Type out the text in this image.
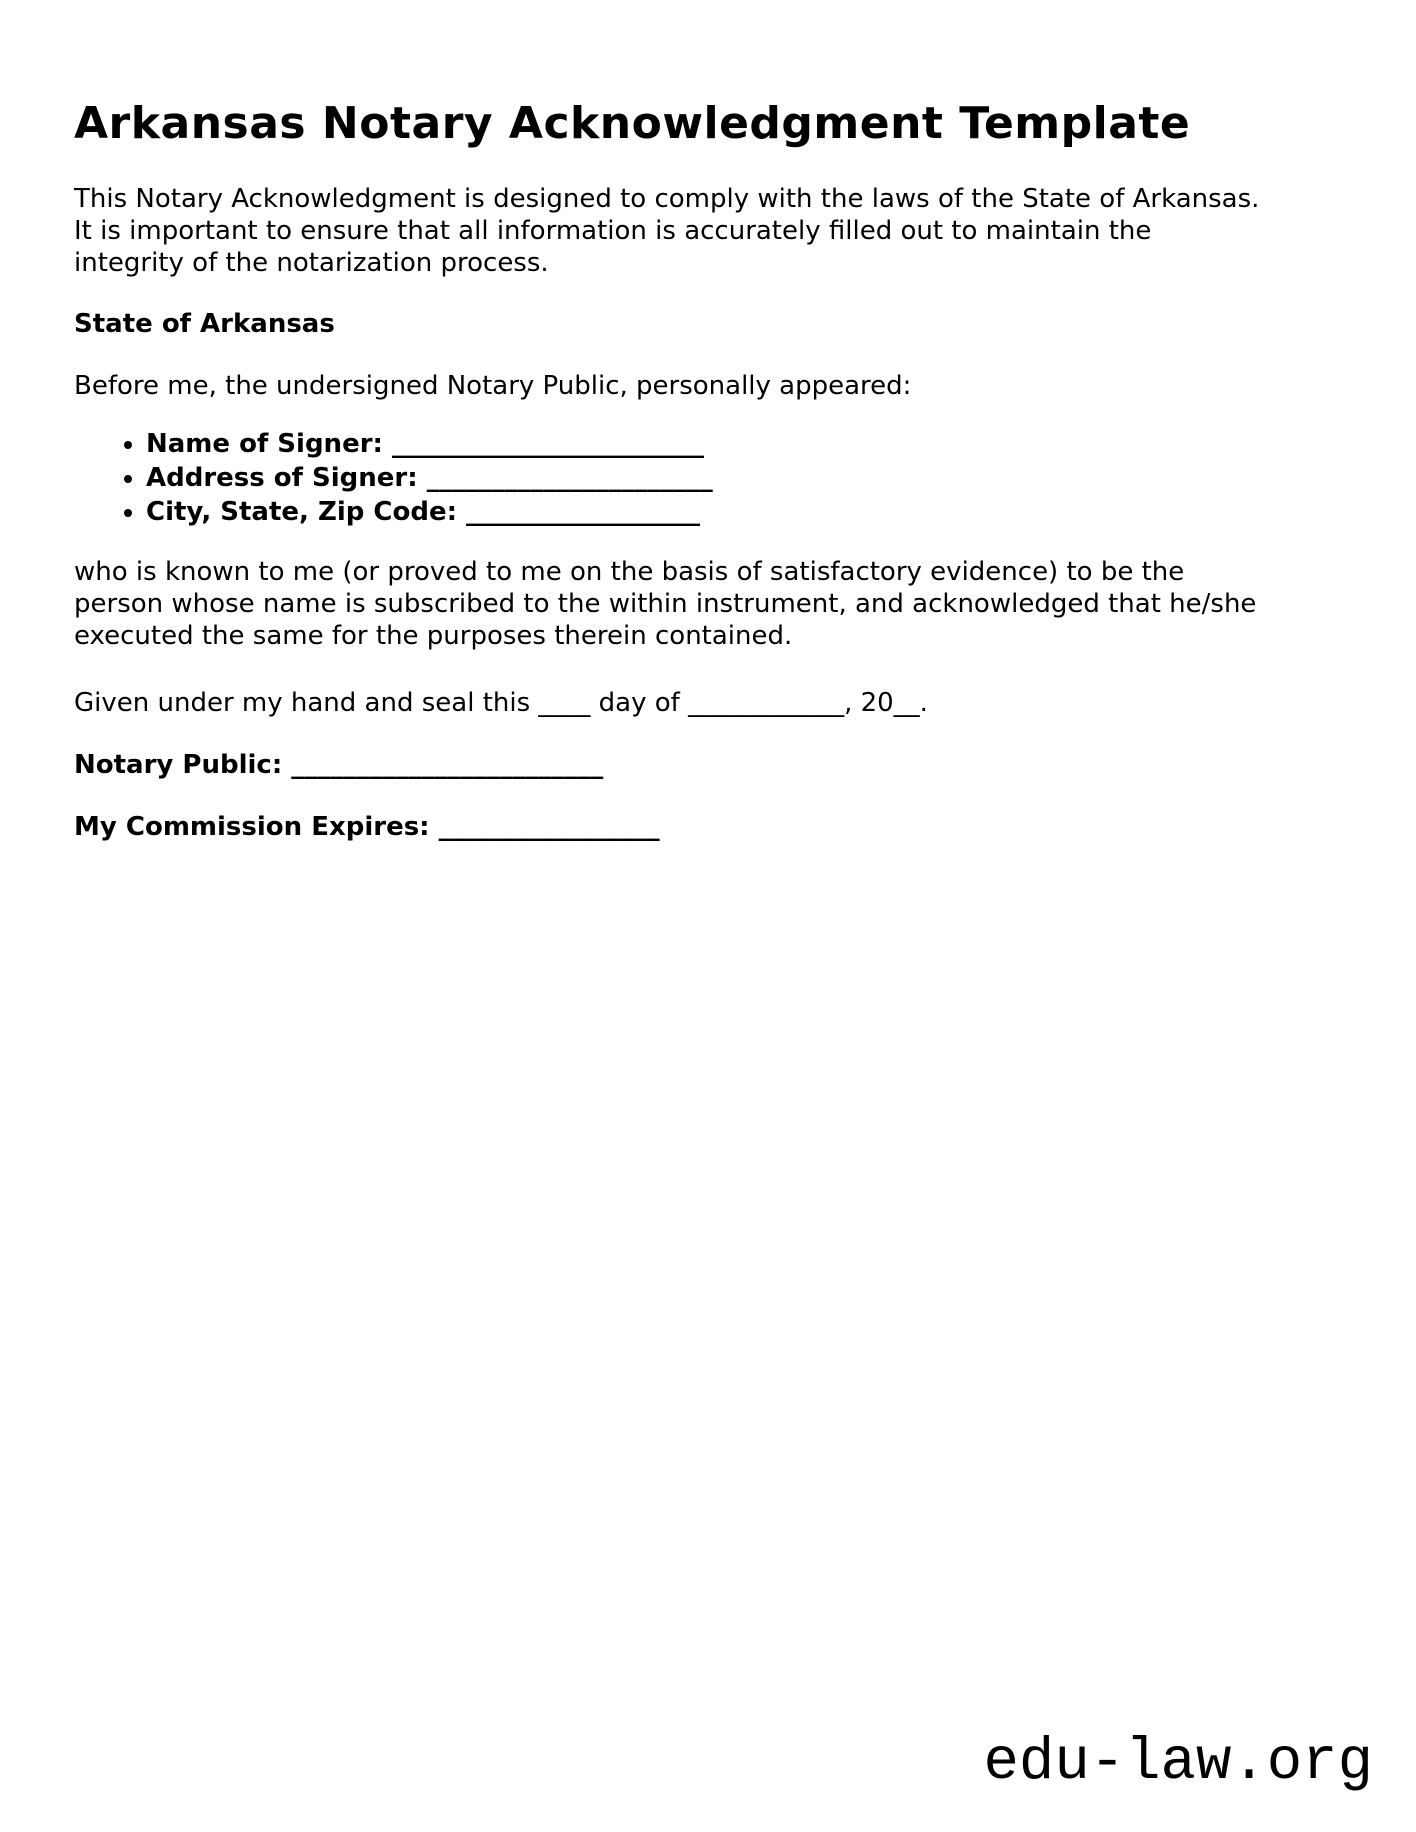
Arkansas Notary Acknowledgment Template
This Notary Acknowledgment is designed to comply with the laws of the State of Arkansas.
It is important to ensure that all information is accurately filled out to maintain the
integrity of the notarization process.
State of Arkansas

Before me, the undersigned Notary Public, personally appeared:

• Name of Signer: ________________________
• Address of Signer: ______________________
• City, State, Zip Code: __________________
who is known to me (or proved to me on the basis of satisfactory evidence) to be the
person whose name is subscribed to the within instrument, and acknowledged that he/she
executed the same for the purposes therein contained.

Given under my hand and seal this ____ day of ____________, 20__.

Notary Public: ________________________

My Commission Expires: _________________

edu-law.org
